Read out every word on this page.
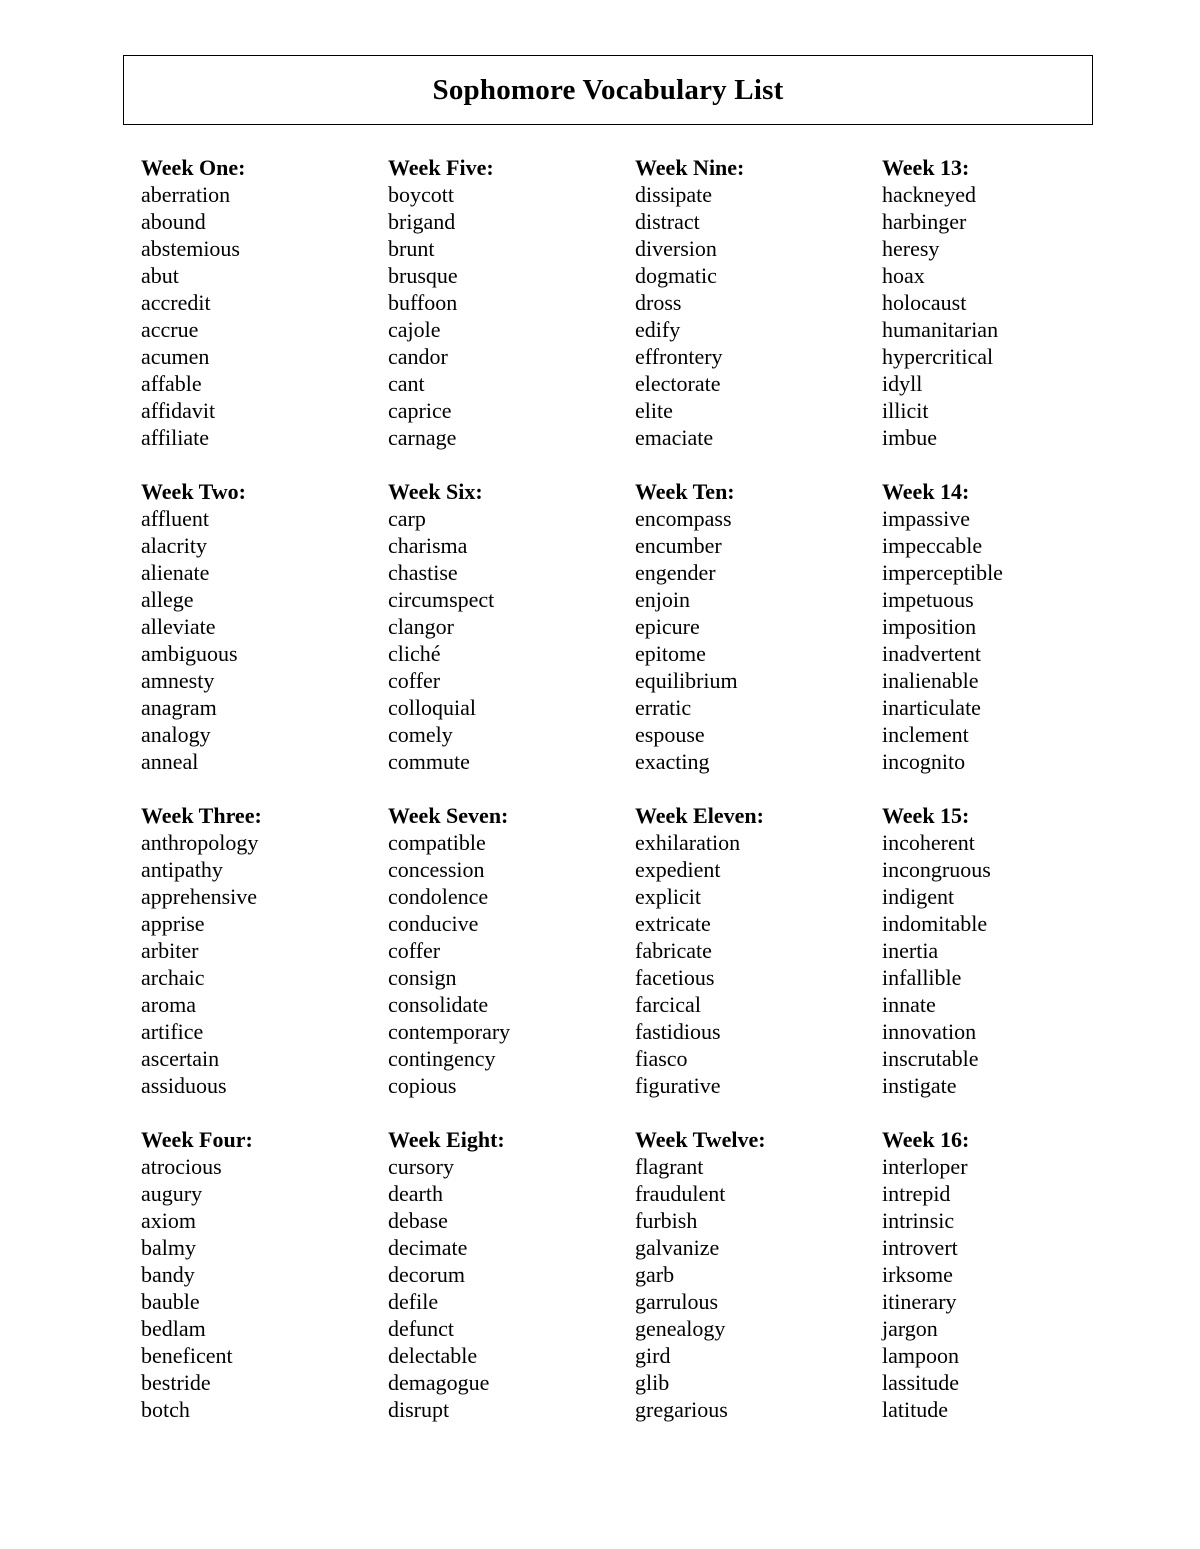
Sophomore Vocabulary List
Week One:
aberration
abound
abstemious
abut
accredit
accrue
acumen
affable
affidavit
affiliate
Week Two:
affluent
alacrity
alienate
allege
alleviate
ambiguous
amnesty
anagram
analogy
anneal
Week Three:
anthropology
antipathy
apprehensive
apprise
arbiter
archaic
aroma
artifice
ascertain
assiduous
Week Four:
atrocious
augury
axiom
balmy
bandy
bauble
bedlam
beneficent
bestride
botch
Week Five:
boycott
brigand
brunt
brusque
buffoon
cajole
candor
cant
caprice
carnage
Week Six:
carp
charisma
chastise
circumspect
clangor
cliché
coffer
colloquial
comely
commute
Week Seven:
compatible
concession
condolence
conducive
coffer
consign
consolidate
contemporary
contingency
copious
Week Eight:
cursory
dearth
debase
decimate
decorum
defile
defunct
delectable
demagogue
disrupt
Week Nine:
dissipate
distract
diversion
dogmatic
dross
edify
effrontery
electorate
elite
emaciate
Week Ten:
encompass
encumber
engender
enjoin
epicure
epitome
equilibrium
erratic
espouse
exacting
Week Eleven:
exhilaration
expedient
explicit
extricate
fabricate
facetious
farcical
fastidious
fiasco
figurative
Week Twelve:
flagrant
fraudulent
furbish
galvanize
garb
garrulous
genealogy
gird
glib
gregarious
Week 13:
hackneyed
harbinger
heresy
hoax
holocaust
humanitarian
hypercritical
idyll
illicit
imbue
Week 14:
impassive
impeccable
imperceptible
impetuous
imposition
inadvertent
inalienable
inarticulate
inclement
incognito
Week 15:
incoherent
incongruous
indigent
indomitable
inertia
infallible
innate
innovation
inscrutable
instigate
Week 16:
interloper
intrepid
intrinsic
introvert
irksome
itinerary
jargon
lampoon
lassitude
latitude
